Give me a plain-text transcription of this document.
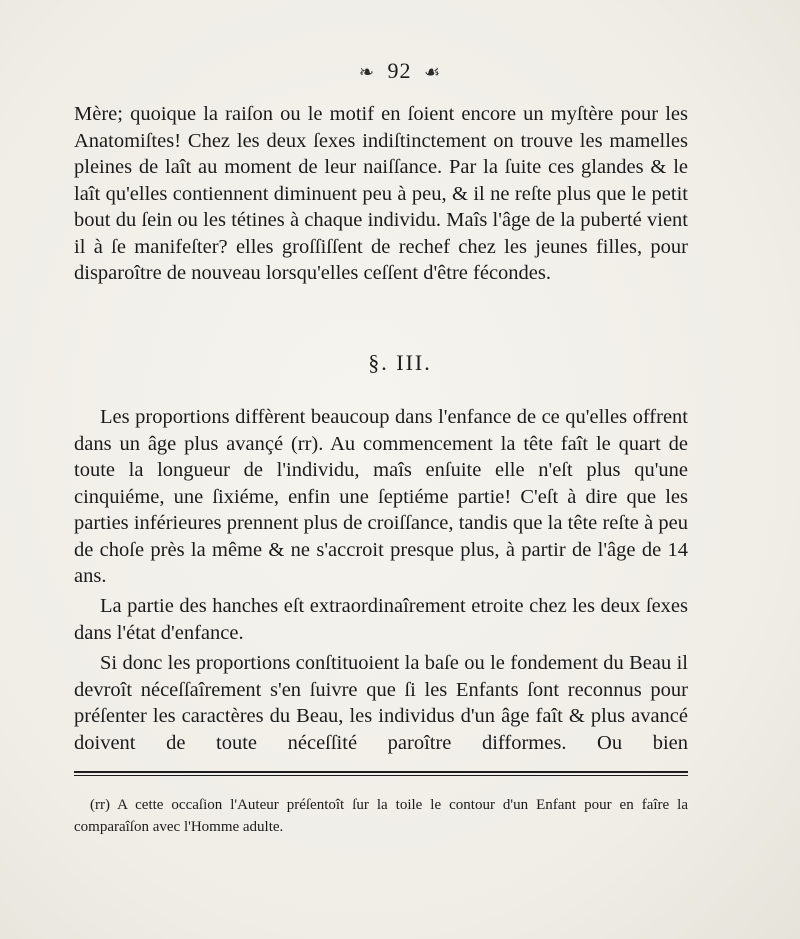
❧ 92 ☙
Mère; quoique la raiſon ou le motif en ſoient encore un myſtère pour les Anatomiſtes! Chez les deux ſexes indiſtinctement on trouve les mamelles pleines de laît au moment de leur naiſſance. Par la ſuite ces glandes & le laît qu'elles contiennent diminuent peu à peu, & il ne reſte plus que le petit bout du ſein ou les tétines à chaque individu. Maîs l'âge de la puberté vient il à ſe manifeſter? elles groſſiſſent de rechef chez les jeunes filles, pour disparoître de nouveau lorsqu'elles ceſſent d'être fécondes.
§. III.
Les proportions diffèrent beaucoup dans l'enfance de ce qu'elles offrent dans un âge plus avançé (rr). Au commencement la tête faît le quart de toute la longueur de l'individu, maîs enſuite elle n'eſt plus qu'une cinquiéme, une ſixiéme, enfin une ſeptiéme partie! C'eſt à dire que les parties inférieures prennent plus de croiſſance, tandis que la tête reſte à peu de choſe près la même & ne s'accroit presque plus, à partir de l'âge de 14 ans.
La partie des hanches eſt extraordinaîrement etroite chez les deux ſexes dans l'état d'enfance.
Si donc les proportions conſtituoient la baſe ou le fondement du Beau il devroît néceſſaîrement s'en ſuivre que ſi les Enfants ſont reconnus pour préſenter les caractères du Beau, les individus d'un âge faît & plus avancé doivent de toute néceſſité paroître difformes. Ou bien
(rr) A cette occaſion l'Auteur préſentoît ſur la toile le contour d'un Enfant pour en faîre la comparaîſon avec l'Homme adulte.
